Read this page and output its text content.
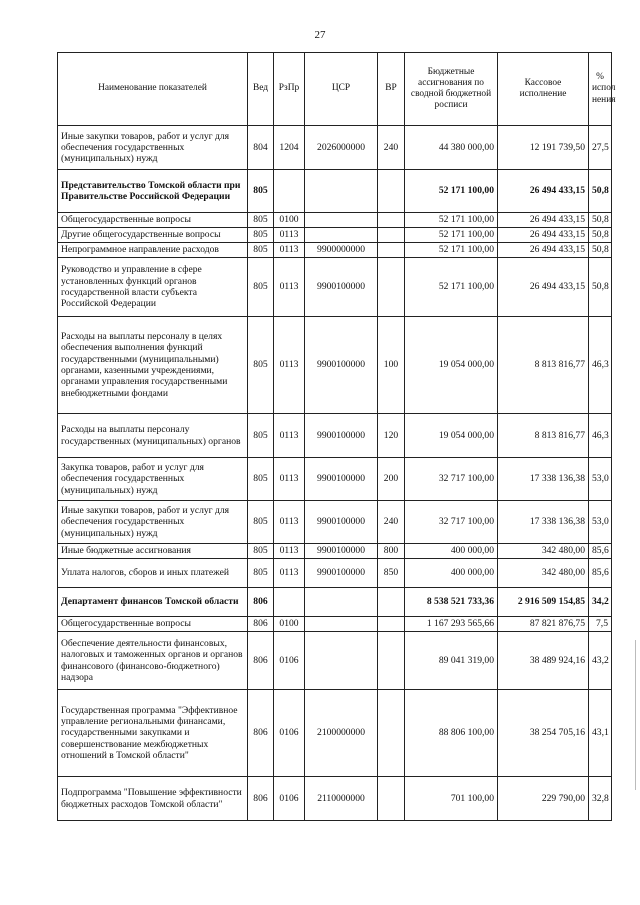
27
Наименование показателей	Вед	РзПр	ЦСР	ВР	Бюджетные ассигнования по сводной бюджетной росписи	Кассовое исполнение	% испол нения
Иные закупки товаров, работ и услуг для обеспечения государственных (муниципальных) нужд	804	1204	2026000000	240	44 380 000,00	12 191 739,50	27,5
Представительство Томской области при Правительстве Российской Федерации	805				52 171 100,00	26 494 433,15	50,8
Общегосударственные вопросы	805	0100			52 171 100,00	26 494 433,15	50,8
Другие общегосударственные вопросы	805	0113			52 171 100,00	26 494 433,15	50,8
Непрограммное направление расходов	805	0113	9900000000		52 171 100,00	26 494 433,15	50,8
Руководство и управление в сфере установленных функций органов государственной власти субъекта Российской Федерации	805	0113	9900100000		52 171 100,00	26 494 433,15	50,8
Расходы на выплаты персоналу в целях обеспечения выполнения функций государственными (муниципальными) органами, казенными учреждениями, органами управления государственными внебюджетными фондами	805	0113	9900100000	100	19 054 000,00	8 813 816,77	46,3
Расходы на выплаты персоналу государственных (муниципальных) органов	805	0113	9900100000	120	19 054 000,00	8 813 816,77	46,3
Закупка товаров, работ и услуг для обеспечения государственных (муниципальных) нужд	805	0113	9900100000	200	32 717 100,00	17 338 136,38	53,0
Иные закупки товаров, работ и услуг для обеспечения государственных (муниципальных) нужд	805	0113	9900100000	240	32 717 100,00	17 338 136,38	53,0
Иные бюджетные ассигнования	805	0113	9900100000	800	400 000,00	342 480,00	85,6
Уплата налогов, сборов и иных платежей	805	0113	9900100000	850	400 000,00	342 480,00	85,6
Департамент финансов Томской области	806				8 538 521 733,36	2 916 509 154,85	34,2
Общегосударственные вопросы	806	0100			1 167 293 565,66	87 821 876,75	7,5
Обеспечение деятельности финансовых, налоговых и таможенных органов и органов финансового (финансово-бюджетного) надзора	806	0106			89 041 319,00	38 489 924,16	43,2
Государственная программа "Эффективное управление региональными финансами, государственными закупками и совершенствование межбюджетных отношений в Томской области"	806	0106	2100000000		88 806 100,00	38 254 705,16	43,1
Подпрограмма "Повышение эффективности бюджетных расходов Томской области"	806	0106	2110000000		701 100,00	229 790,00	32,8
